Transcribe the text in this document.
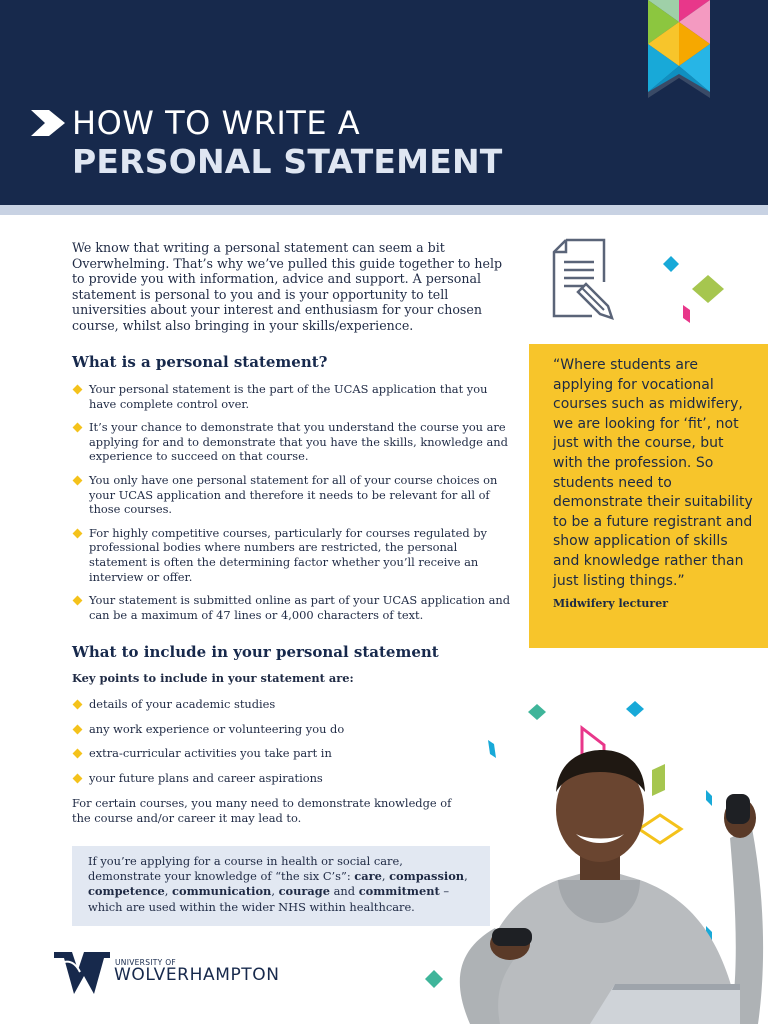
HOW TO WRITE A
PERSONAL STATEMENT

We know that writing a personal statement can seem a bit Overwhelming. That’s why we’ve pulled this guide together to help to provide you with information, advice and support. A personal statement is personal to you and is your opportunity to tell universities about your interest and enthusiasm for your chosen course, whilst also bringing in your skills/experience.

What is a personal statement?
Your personal statement is the part of the UCAS application that you have complete control over.
It’s your chance to demonstrate that you understand the course you are applying for and to demonstrate that you have the skills, knowledge and experience to succeed on that course.
You only have one personal statement for all of your course choices on your UCAS application and therefore it needs to be relevant for all of those courses.
For highly competitive courses, particularly for courses regulated by professional bodies where numbers are restricted, the personal statement is often the determining factor whether you’ll receive an interview or offer.
Your statement is submitted online as part of your UCAS application and can be a maximum of 47 lines or 4,000 characters of text.
What to include in your personal statement
Key points to include in your statement are:
details of your academic studies
any work experience or volunteering you do
extra-curricular activities you take part in
your future plans and career aspirations

For certain courses, you many need to demonstrate knowledge of the course and/or career it may lead to.

If you’re applying for a course in health or social care, demonstrate your knowledge of “the six C’s”: care, compassion, competence, communication, courage and commitment – which are used within the wider NHS within healthcare.

“Where students are applying for vocational courses such as midwifery, we are looking for ‘fit’, not just with the course, but with the profession. So students need to demonstrate their suitability to be a future registrant and show application of skills and knowledge rather than just listing things.”

Midwifery lecturer

UNIVERSITY OF
WOLVERHAMPTON
